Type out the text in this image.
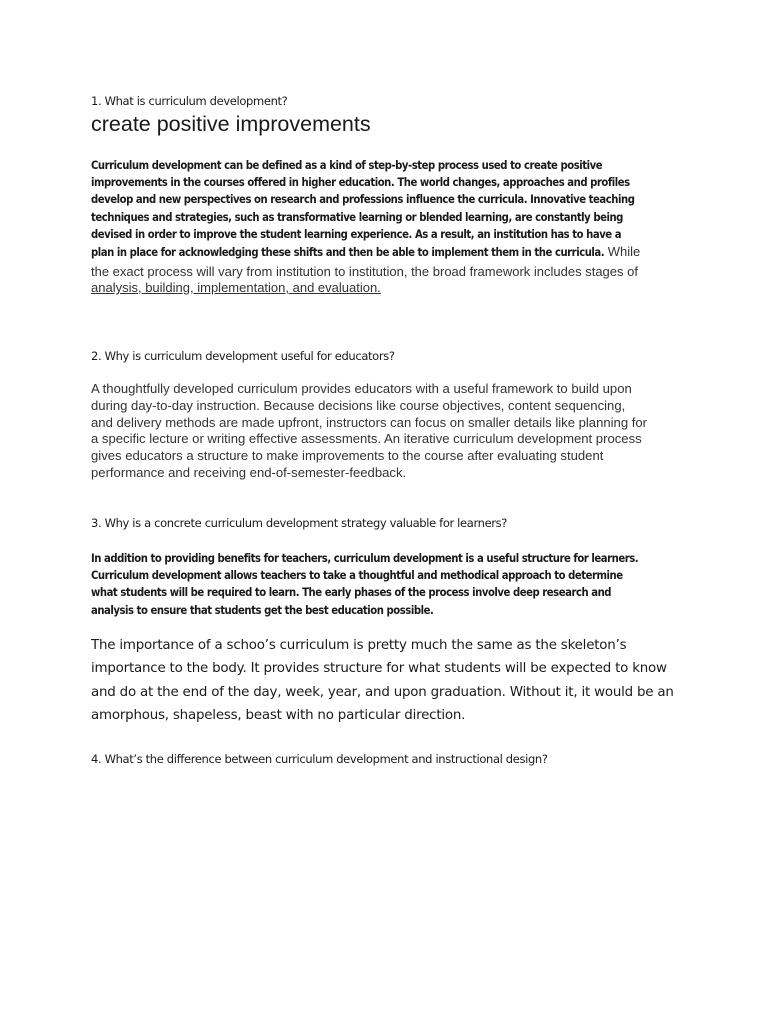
1. What is curriculum development?
create positive improvements
Curriculum development can be defined as a kind of step-by-step process used to create positive
improvements in the courses offered in higher education. The world changes, approaches and profiles
develop and new perspectives on research and professions influence the curricula. Innovative teaching
techniques and strategies, such as transformative learning or blended learning, are constantly being
devised in order to improve the student learning experience. As a result, an institution has to have a
plan in place for acknowledging these shifts and then be able to implement them in the curricula. While
the exact process will vary from institution to institution, the broad framework includes stages of
analysis, building, implementation, and evaluation.
2. Why is curriculum development useful for educators?
A thoughtfully developed curriculum provides educators with a useful framework to build upon
during day-to-day instruction. Because decisions like course objectives, content sequencing,
and delivery methods are made upfront, instructors can focus on smaller details like planning for
a specific lecture or writing effective assessments. An iterative curriculum development process
gives educators a structure to make improvements to the course after evaluating student
performance and receiving end-of-semester-feedback.
3. Why is a concrete curriculum development strategy valuable for learners?
In addition to providing benefits for teachers, curriculum development is a useful structure for learners.
Curriculum development allows teachers to take a thoughtful and methodical approach to determine
what students will be required to learn. The early phases of the process involve deep research and
analysis to ensure that students get the best education possible.
The importance of a schoo’s curriculum is pretty much the same as the skeleton’s
importance to the body. It provides structure for what students will be expected to know
and do at the end of the day, week, year, and upon graduation. Without it, it would be an
amorphous, shapeless, beast with no particular direction.
4. What’s the difference between curriculum development and instructional design?
